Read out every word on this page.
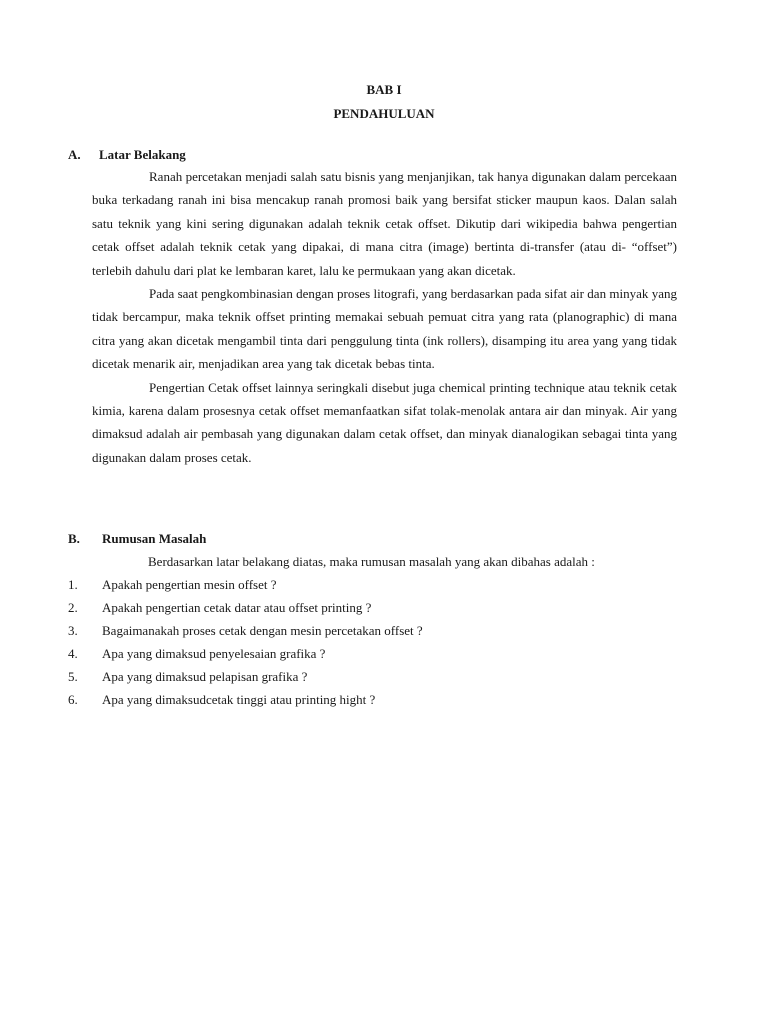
BAB I
PENDAHULUAN
A. Latar Belakang

Ranah percetakan menjadi salah satu bisnis yang menjanjikan, tak hanya digunakan dalam percekaan buka terkadang ranah ini bisa mencakup ranah promosi baik yang bersifat sticker maupun kaos. Dalan salah satu teknik yang kini sering digunakan adalah teknik cetak offset. Dikutip dari wikipedia bahwa pengertian cetak offset adalah teknik cetak yang dipakai, di mana citra (image) bertinta di-transfer (atau di- “offset”) terlebih dahulu dari plat ke lembaran karet, lalu ke permukaan yang akan dicetak.

Pada saat pengkombinasian dengan proses litografi, yang berdasarkan pada sifat air dan minyak yang tidak bercampur, maka teknik offset printing memakai sebuah pemuat citra yang rata (planographic) di mana citra yang akan dicetak mengambil tinta dari penggulung tinta (ink rollers), disamping itu area yang yang tidak dicetak menarik air, menjadikan area yang tak dicetak bebas tinta.

Pengertian Cetak offset lainnya seringkali disebut juga chemical printing technique atau teknik cetak kimia, karena dalam prosesnya cetak offset memanfaatkan sifat tolak-menolak antara air dan minyak. Air yang dimaksud adalah air pembasah yang digunakan dalam cetak offset, dan minyak dianalogikan sebagai tinta yang digunakan dalam proses cetak.

B. Rumusan Masalah
Berdasarkan latar belakang diatas, maka rumusan masalah yang akan dibahas adalah :
1. Apakah pengertian mesin offset ?
2. Apakah pengertian cetak datar atau offset printing ?
3. Bagaimanakah proses cetak dengan mesin percetakan offset ?
4. Apa yang dimaksud penyelesaian grafika ?
5. Apa yang dimaksud pelapisan grafika ?
6. Apa yang dimaksudcetak tinggi atau printing hight ?
